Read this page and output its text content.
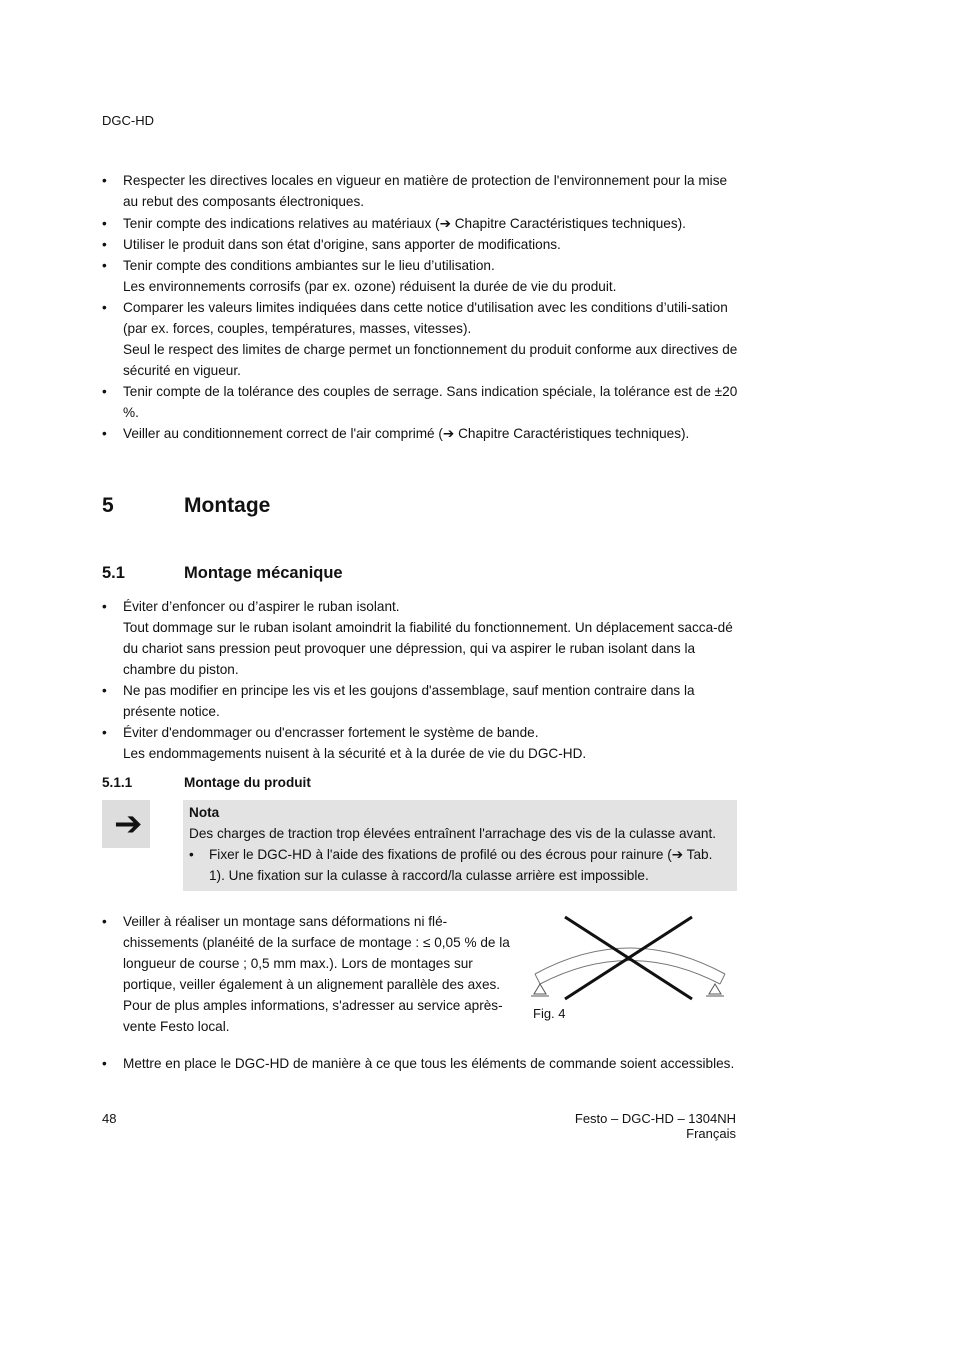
DGC-HD
• Respecter les directives locales en vigueur en matière de protection de l'environnement pour la mise au rebut des composants électroniques.
• Tenir compte des indications relatives au matériaux (➔ Chapitre Caractéristiques techniques).
• Utiliser le produit dans son état d'origine, sans apporter de modifications.
• Tenir compte des conditions ambiantes sur le lieu d’utilisation.
Les environnements corrosifs (par ex. ozone) réduisent la durée de vie du produit.
• Comparer les valeurs limites indiquées dans cette notice d'utilisation avec les conditions d’utili-sation (par ex. forces, couples, températures, masses, vitesses).
Seul le respect des limites de charge permet un fonctionnement du produit conforme aux directives de sécurité en vigueur.
• Tenir compte de la tolérance des couples de serrage. Sans indication spéciale, la tolérance est de ±20 %.
• Veiller au conditionnement correct de l'air comprimé (➔ Chapitre Caractéristiques techniques).
5	Montage
5.1	Montage mécanique
• Éviter d’enfoncer ou d’aspirer le ruban isolant.
Tout dommage sur le ruban isolant amoindrit la fiabilité du fonctionnement. Un déplacement sacca-dé du chariot sans pression peut provoquer une dépression, qui va aspirer le ruban isolant dans la chambre du piston.
• Ne pas modifier en principe les vis et les goujons d'assemblage, sauf mention contraire dans la présente notice.
• Éviter d'endommager ou d'encrasser fortement le système de bande.
Les endommagements nuisent à la sécurité et à la durée de vie du DGC-HD.
5.1.1	Montage du produit
➔	Nota
Des charges de traction trop élevées entraînent l'arrachage des vis de la culasse avant.
• Fixer le DGC-HD à l'aide des fixations de profilé ou des écrous pour rainure (➔ Tab. 1). Une fixation sur la culasse à raccord/la culasse arrière est impossible.
• Veiller à réaliser un montage sans déformations ni flé-chissements (planéité de la surface de montage : ≤ 0,05 % de la longueur de course ; 0,5 mm max.). Lors de montages sur portique, veiller également à un alignement parallèle des axes. Pour de plus amples informations, s'adresser au service après-vente Festo local.
Fig. 4
• Mettre en place le DGC-HD de manière à ce que tous les éléments de commande soient accessibles.
48	Festo – DGC-HD – 1304NH Français
